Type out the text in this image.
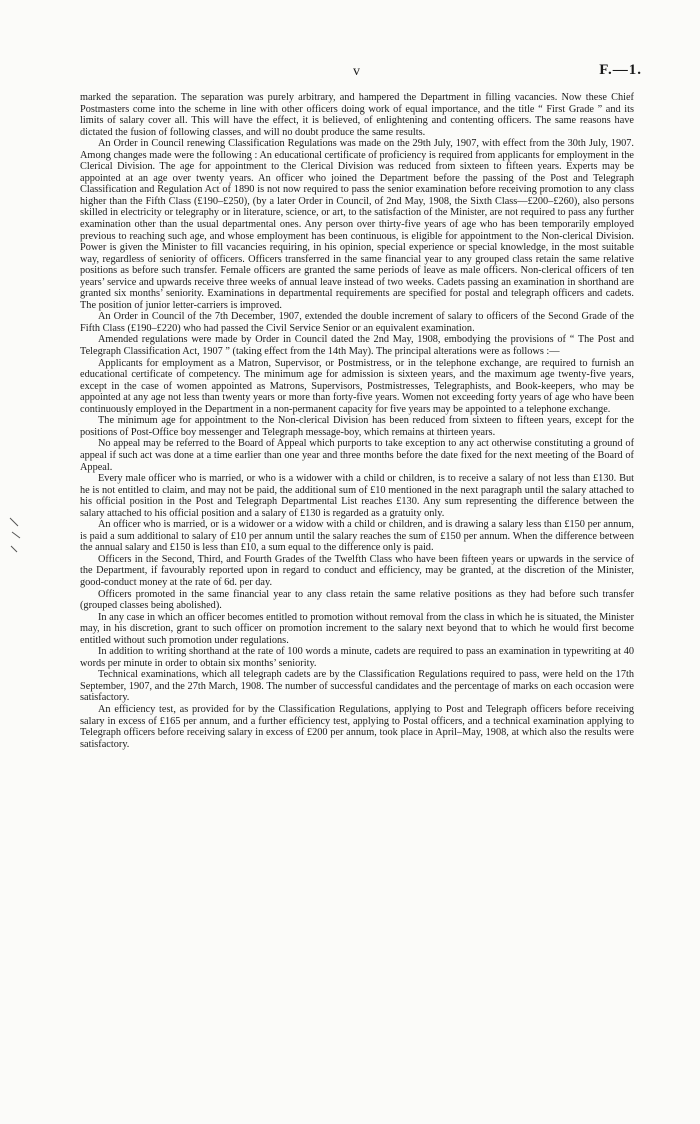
v	F.—1.

marked the separation. The separation was purely arbitrary, and hampered the Department in filling vacancies. Now these Chief Postmasters come into the scheme in line with other officers doing work of equal importance, and the title “ First Grade ” and its limits of salary cover all. This will have the effect, it is believed, of enlightening and contenting officers. The same reasons have dictated the fusion of following classes, and will no doubt produce the same results.

An Order in Council renewing Classification Regulations was made on the 29th July, 1907, with effect from the 30th July, 1907. Among changes made were the following : An educational certificate of proficiency is required from applicants for employment in the Clerical Division. The age for appointment to the Clerical Division was reduced from sixteen to fifteen years. Experts may be appointed at an age over twenty years. An officer who joined the Department before the passing of the Post and Telegraph Classification and Regulation Act of 1890 is not now required to pass the senior examination before receiving promotion to any class higher than the Fifth Class (£190–£250), (by a later Order in Council, of 2nd May, 1908, the Sixth Class—£200–£260), also persons skilled in electricity or telegraphy or in literature, science, or art, to the satisfaction of the Minister, are not required to pass any further examination other than the usual departmental ones. Any person over thirty-five years of age who has been temporarily employed previous to reaching such age, and whose employment has been continuous, is eligible for appointment to the Non-clerical Division. Power is given the Minister to fill vacancies requiring, in his opinion, special experience or special knowledge, in the most suitable way, regardless of seniority of officers. Officers transferred in the same financial year to any grouped class retain the same relative positions as before such transfer. Female officers are granted the same periods of leave as male officers. Non-clerical officers of ten years’ service and upwards receive three weeks of annual leave instead of two weeks. Cadets passing an examination in shorthand are granted six months’ seniority. Examinations in departmental requirements are specified for postal and telegraph officers and cadets. The position of junior letter-carriers is improved.

An Order in Council of the 7th December, 1907, extended the double increment of salary to officers of the Second Grade of the Fifth Class (£190–£220) who had passed the Civil Service Senior or an equivalent examination.

Amended regulations were made by Order in Council dated the 2nd May, 1908, embodying the provisions of “ The Post and Telegraph Classification Act, 1907 ” (taking effect from the 14th May). The principal alterations were as follows :—

Applicants for employment as a Matron, Supervisor, or Postmistress, or in the telephone exchange, are required to furnish an educational certificate of competency. The minimum age for admission is sixteen years, and the maximum age twenty-five years, except in the case of women appointed as Matrons, Supervisors, Postmistresses, Telegraphists, and Book-keepers, who may be appointed at any age not less than twenty years or more than forty-five years. Women not exceeding forty years of age who have been continuously employed in the Department in a non-permanent capacity for five years may be appointed to a telephone exchange.

The minimum age for appointment to the Non-clerical Division has been reduced from sixteen to fifteen years, except for the positions of Post-Office boy messenger and Telegraph message-boy, which remains at thirteen years.

No appeal may be referred to the Board of Appeal which purports to take exception to any act otherwise constituting a ground of appeal if such act was done at a time earlier than one year and three months before the date fixed for the next meeting of the Board of Appeal.

Every male officer who is married, or who is a widower with a child or children, is to receive a salary of not less than £130. But he is not entitled to claim, and may not be paid, the additional sum of £10 mentioned in the next paragraph until the salary attached to his official position in the Post and Telegraph Departmental List reaches £130. Any sum representing the difference between the salary attached to his official position and a salary of £130 is regarded as a gratuity only.

An officer who is married, or is a widower or a widow with a child or children, and is drawing a salary less than £150 per annum, is paid a sum additional to salary of £10 per annum until the salary reaches the sum of £150 per annum. When the difference between the annual salary and £150 is less than £10, a sum equal to the difference only is paid.

Officers in the Second, Third, and Fourth Grades of the Twelfth Class who have been fifteen years or upwards in the service of the Department, if favourably reported upon in regard to conduct and efficiency, may be granted, at the discretion of the Minister, good-conduct money at the rate of 6d. per day.

Officers promoted in the same financial year to any class retain the same relative positions as they had before such transfer (grouped classes being abolished).

In any case in which an officer becomes entitled to promotion without removal from the class in which he is situated, the Minister may, in his discretion, grant to such officer on promotion increment to the salary next beyond that to which he would first become entitled without such promotion under regulations.

In addition to writing shorthand at the rate of 100 words a minute, cadets are required to pass an examination in typewriting at 40 words per minute in order to obtain six months’ seniority.

Technical examinations, which all telegraph cadets are by the Classification Regulations required to pass, were held on the 17th September, 1907, and the 27th March, 1908. The number of successful candidates and the percentage of marks on each occasion were satisfactory.

An efficiency test, as provided for by the Classification Regulations, applying to Post and Telegraph officers before receiving salary in excess of £165 per annum, and a further efficiency test, applying to Postal officers, and a technical examination applying to Telegraph officers before receiving salary in excess of £200 per annum, took place in April–May, 1908, at which also the results were satisfactory.
